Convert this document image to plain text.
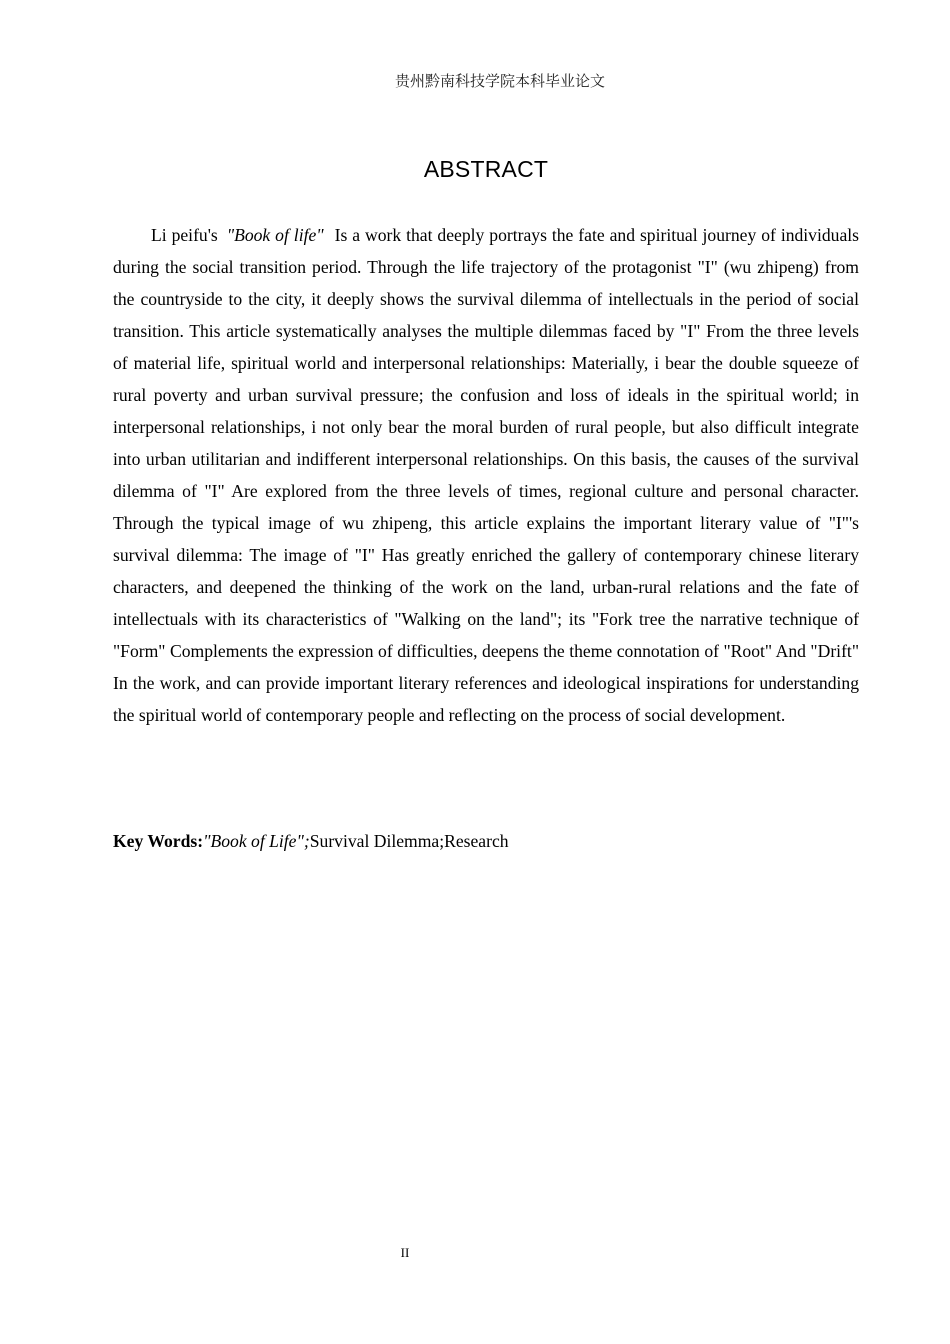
贵州黔南科技学院本科毕业论文
ABSTRACT

Li peifu's "Book of life" Is a work that deeply portrays the fate and spiritual journey of individuals during the social transition period. Through the life trajectory of the protagonist "I" (wu zhipeng) from the countryside to the city, it deeply shows the survival dilemma of intellectuals in the period of social transition. This article systematically analyses the multiple dilemmas faced by "I" From the three levels of material life, spiritual world and interpersonal relationships: Materially, i bear the double squeeze of rural poverty and urban survival pressure; the confusion and loss of ideals in the spiritual world; in interpersonal relationships, i not only bear the moral burden of rural people, but also difficult integrate into urban utilitarian and indifferent interpersonal relationships. On this basis, the causes of the survival dilemma of "I" Are explored from the three levels of times, regional culture and personal character. Through the typical image of wu zhipeng, this article explains the important literary value of "I"'s survival dilemma: The image of "I" Has greatly enriched the gallery of contemporary chinese literary characters, and deepened the thinking of the work on the land, urban-rural relations and the fate of intellectuals with its characteristics of "Walking on the land"; its "Fork tree the narrative technique of "Form" Complements the expression of difficulties, deepens the theme connotation of "Root" And "Drift" In the work, and can provide important literary references and ideological inspirations for understanding the spiritual world of contemporary people and reflecting on the process of social development.

Key Words:"Book of Life";Survival Dilemma;Research
II
